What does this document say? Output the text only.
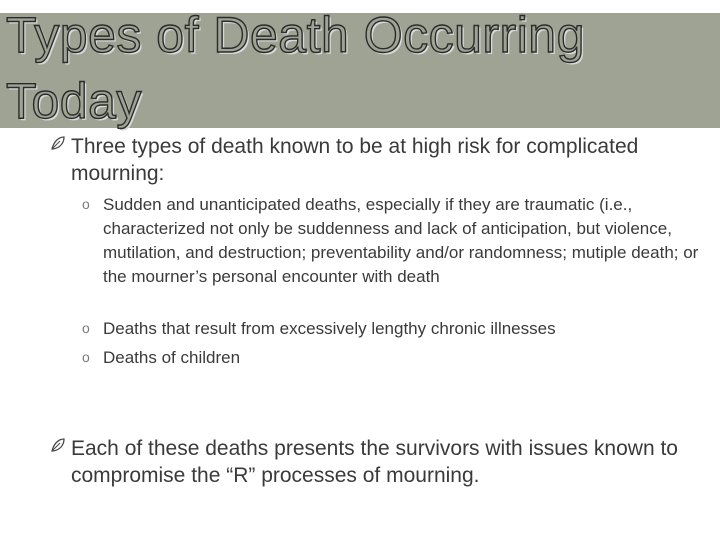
Types of Death Occurring Today
Three types of death known to be at high risk for complicated mourning:
o Sudden and unanticipated deaths, especially if they are traumatic (i.e., characterized not only be suddenness and lack of anticipation, but violence, mutilation, and destruction; preventability and/or randomness; mutiple death; or the mourner’s personal encounter with death
o Deaths that result from excessively lengthy chronic illnesses
o Deaths of children
Each of these deaths presents the survivors with issues known to compromise the “R” processes of mourning.
